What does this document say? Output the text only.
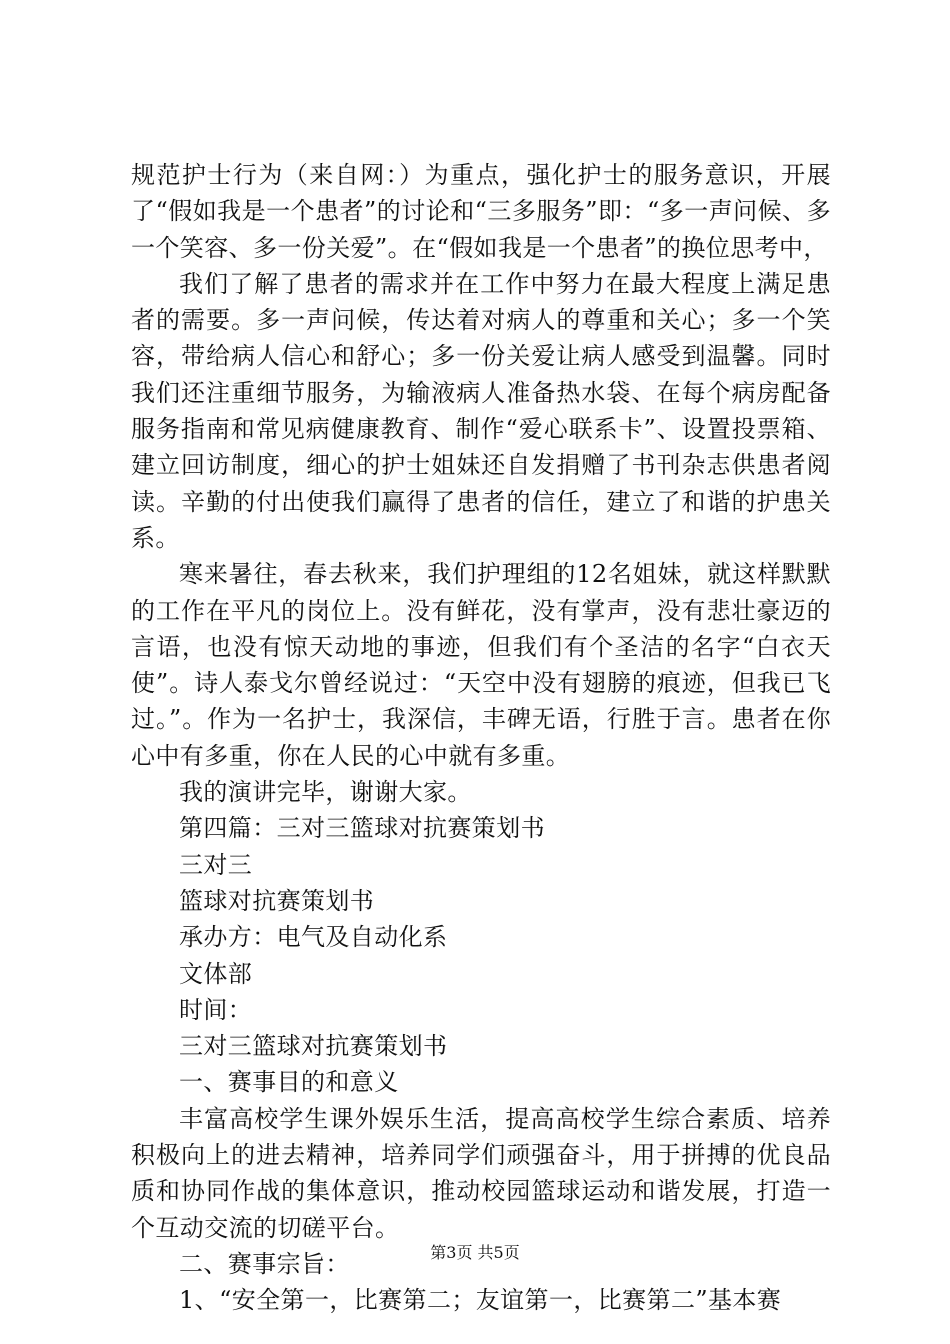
规范护士行为（来自网：）为重点，强化护士的服务意识，开展了“假如我是一个患者”的讨论和“三多服务”即：“多一声问候、多一个笑容、多一份关爱”。在“假如我是一个患者”的换位思考中，

我们了解了患者的需求并在工作中努力在最大程度上满足患者的需要。多一声问候，传达着对病人的尊重和关心；多一个笑容，带给病人信心和舒心；多一份关爱让病人感受到温馨。同时我们还注重细节服务，为输液病人准备热水袋、在每个病房配备服务指南和常见病健康教育、制作“爱心联系卡”、设置投票箱、建立回访制度，细心的护士姐妹还自发捐赠了书刊杂志供患者阅读。辛勤的付出使我们赢得了患者的信任，建立了和谐的护患关系。

寒来暑往，春去秋来，我们护理组的12名姐妹，就这样默默的工作在平凡的岗位上。没有鲜花，没有掌声，没有悲壮豪迈的言语，也没有惊天动地的事迹，但我们有个圣洁的名字“白衣天使”。诗人泰戈尔曾经说过：“天空中没有翅膀的痕迹，但我已飞过。”。作为一名护士，我深信，丰碑无语，行胜于言。患者在你心中有多重，你在人民的心中就有多重。

我的演讲完毕，谢谢大家。

第四篇：三对三篮球对抗赛策划书

三对三

篮球对抗赛策划书

承办方：电气及自动化系

文体部

时间：

三对三篮球对抗赛策划书

一、赛事目的和意义

丰富高校学生课外娱乐生活，提高高校学生综合素质、培养积极向上的进去精神，培养同学们顽强奋斗，用于拼搏的优良品质和协同作战的集体意识，推动校园篮球运动和谐发展，打造一个互动交流的切磋平台。

二、赛事宗旨：

1、“安全第一，比赛第二；友谊第一，比赛第二”基本赛

第3页 共5页
